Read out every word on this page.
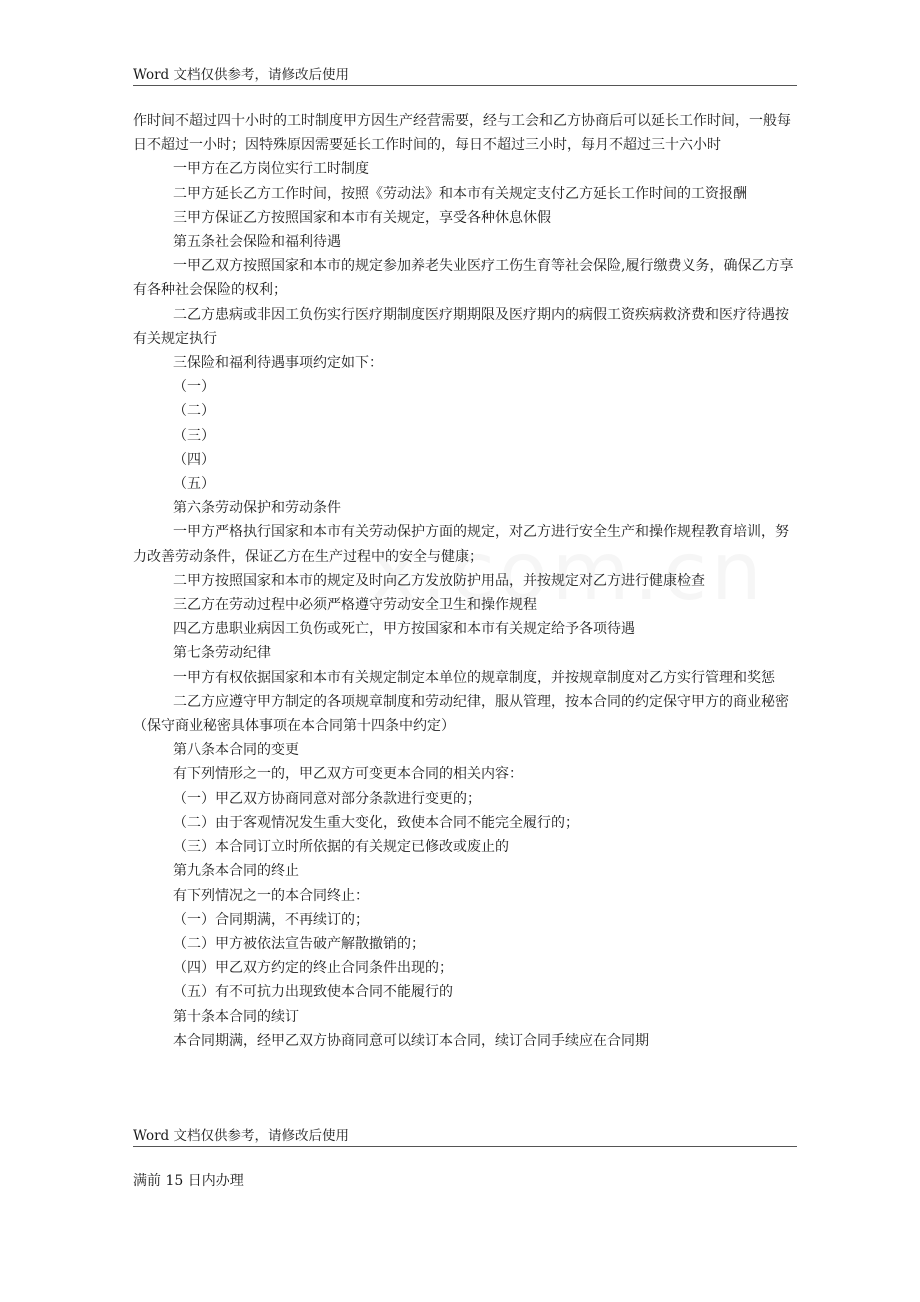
Word 文档仅供参考，请修改后使用

作时间不超过四十小时的工时制度甲方因生产经营需要，经与工会和乙方协商后可以延长工作时间，一般每日不超过一小时；因特殊原因需要延长工作时间的，每日不超过三小时，每月不超过三十六小时

一甲方在乙方岗位实行工时制度

二甲方延长乙方工作时间，按照《劳动法》和本市有关规定支付乙方延长工作时间的工资报酬

三甲方保证乙方按照国家和本市有关规定，享受各种休息休假

第五条社会保险和福利待遇

一甲乙双方按照国家和本市的规定参加养老失业医疗工伤生育等社会保险,履行缴费义务，确保乙方享有各种社会保险的权利；

二乙方患病或非因工负伤实行医疗期制度医疗期期限及医疗期内的病假工资疾病救济费和医疗待遇按有关规定执行

三保险和福利待遇事项约定如下：

（一）

（二）

（三）

（四）

（五）

第六条劳动保护和劳动条件

一甲方严格执行国家和本市有关劳动保护方面的规定，对乙方进行安全生产和操作规程教育培训，努力改善劳动条件，保证乙方在生产过程中的安全与健康；

二甲方按照国家和本市的规定及时向乙方发放防护用品，并按规定对乙方进行健康检查

三乙方在劳动过程中必须严格遵守劳动安全卫生和操作规程

四乙方患职业病因工负伤或死亡，甲方按国家和本市有关规定给予各项待遇

第七条劳动纪律

一甲方有权依据国家和本市有关规定制定本单位的规章制度，并按规章制度对乙方实行管理和奖惩

二乙方应遵守甲方制定的各项规章制度和劳动纪律，服从管理，按本合同的约定保守甲方的商业秘密（保守商业秘密具体事项在本合同第十四条中约定）

第八条本合同的变更

有下列情形之一的，甲乙双方可变更本合同的相关内容：

（一）甲乙双方协商同意对部分条款进行变更的；

（二）由于客观情况发生重大变化，致使本合同不能完全履行的；

（三）本合同订立时所依据的有关规定已修改或废止的

第九条本合同的终止

有下列情况之一的本合同终止：

（一）合同期满，不再续订的；

（二）甲方被依法宣告破产解散撤销的；

（四）甲乙双方约定的终止合同条件出现的；

（五）有不可抗力出现致使本合同不能履行的

第十条本合同的续订

本合同期满，经甲乙双方协商同意可以续订本合同，续订合同手续应在合同期

Word 文档仅供参考，请修改后使用
满前 15 日内办理
